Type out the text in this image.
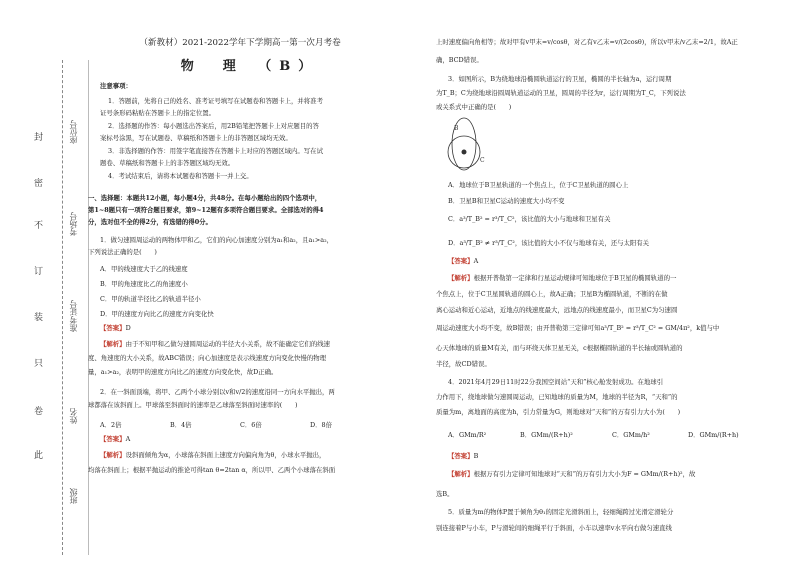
座位号
考场号
准考证号
姓名
班级
封
密
不
订
装
只
卷
此
（新教材）2021-2022学年下学期高一第一次月考卷
物　理　（B）
注意事项：
1．答题前，先将自己的姓名、准考证号填写在试题卷和答题卡上，并将准考
证号条形码粘贴在答题卡上的指定位置。
2．选择题的作答：每小题选出答案后，用2B铅笔把答题卡上对应题目的答
案标号涂黑，写在试题卷、草稿纸和答题卡上的非答题区域均无效。
3．非选择题的作答：用签字笔直接答在答题卡上对应的答题区域内。写在试
题卷、草稿纸和答题卡上的非答题区域均无效。
4．考试结束后，请将本试题卷和答题卡一并上交。
一、选择题：本题共12小题，每小题4分，共48分。在每小题给出的四个选项中，
第1~8题只有一项符合题目要求，第9~12题有多项符合题目要求。全部选对的得4
分，选对但不全的得2分，有选错的得0分。
1．做匀速圆周运动的两物体甲和乙，它们的向心加速度分别为a₁和a₂，且a₁>a₂，
下列说法正确的是(　　)
A．甲的线速度大于乙的线速度
B．甲的角速度比乙的角速度小
C．甲的轨道半径比乙的轨道半径小
D．甲的速度方向比乙的速度方向变化快
【答案】D
【解析】由于不知甲和乙做匀速圆周运动的半径大小关系，故不能确定它们的线速
度、角速度的大小关系，故ABC错误；向心加速度是表示线速度方向变化快慢的物理
量，a₁>a₂，表明甲的速度方向比乙的速度方向变化快，故D正确。
2．在一斜面顶端，将甲、乙两个小球分别以v和v/2的速度沿同一方向水平抛出，两
球都落在该斜面上。甲球落至斜面时的速率是乙球落至斜面时速率的(　　)
A．2倍	B．4倍	C．6倍	D．8倍
【答案】A
【解析】设斜面倾角为α，小球落在斜面上速度方向偏向角为θ，小球水平抛出，
均落在斜面上；根据平抛运动的推论可得tan θ=2tan α，所以甲、乙两个小球落在斜面
上时速度偏向角相等；故对甲有v甲末=v/cosθ，对乙有v乙末=v/(2cosθ)，所以v甲末/v乙末=2/1，故A正
确，BCD错误。
3．如图所示，B为绕地球沿椭圆轨道运行的卫星，椭圆的半长轴为a，运行周期
为T_B；C为绕地球沿圆周轨道运动的卫星，圆周的半径为r，运行周期为T_C，下列说法
或关系式中正确的是(　　)
B
C
A．地球位于B卫星轨道的一个焦点上，位于C卫星轨道的圆心上
B．卫星B和卫星C运动的速度大小均不变
C．a³/T_B² = r³/T_C²，该比值的大小与地球和卫星有关
D．a³/T_B² ≠ r³/T_C²，该比值的大小不仅与地球有关，还与太阳有关
【答案】A
【解析】根据开普勒第一定律和行星运动规律可知地球位于B卫星的椭圆轨道的一
个焦点上，位于C卫星圆轨道的圆心上，故A正确；卫星B为椭圆轨道，不断的在做
离心运动和近心运动，近地点的线速度最大，远地点的线速度最小，而卫星C为匀速圆
周运动速度大小均不变，故B错误；由开普勒第三定律可知a³/T_B² = r³/T_C² = GM/4π²，k值与中
心天体地球的质量M有关，而与环绕天体卫星无关，c根据椭圆轨道的半长轴或圆轨道的
半径，故CD错误。
4．2021年4月29日11时22分我国空间站“天和”核心舱发射成功。在地球引
力作用下，绕地球做匀速圆周运动，已知地球的质量为M，地球的半径为R，“天和”的
质量为m，离地面的高度为h，引力常量为G，则地球对“天和”的万有引力大小为(　　)
A．GMm/R²	B．GMm/(R+h)²	C．GMm/h²	D．GMm/(R+h)
【答案】B
【解析】根据万有引力定律可知地球对“天和”的万有引力大小为F = GMm/(R+h)²，故
选B。
5．质量为m的物体P置于倾角为θ₁的固定光滑斜面上，轻细绳跨过光滑定滑轮分
别连接着P与小车，P与滑轮间的细绳平行于斜面，小车以速率v水平向右做匀速直线
